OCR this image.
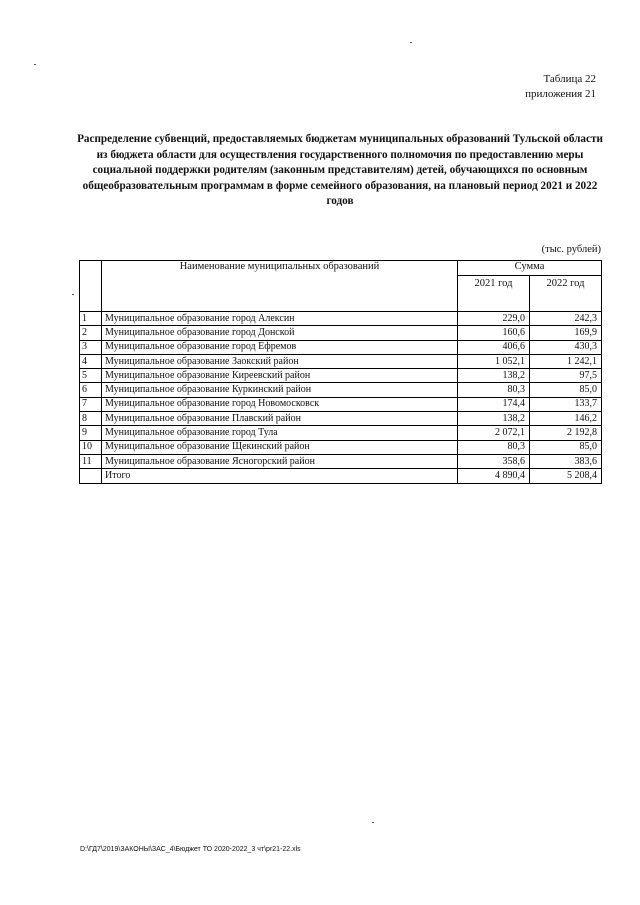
Таблица 22
приложения 21
Распределение субвенций, предоставляемых бюджетам муниципальных образований Тульской области из бюджета области для осуществления государственного полномочия по предоставлению меры социальной поддержки родителям (законным представителям) детей, обучающихся по основным общеобразовательным программам в форме семейного образования, на плановый период 2021 и 2022 годов
(тыс. рублей)
	Наименование муниципальных образований	Сумма	
		2021 год	2022 год
1	Муниципальное образование город Алексин	229,0	242,3
2	Муниципальное образование город Донской	160,6	169,9
3	Муниципальное образование город Ефремов	406,6	430,3
4	Муниципальное образование Заокский район	1 052,1	1 242,1
5	Муниципальное образование Киреевский район	138,2	97,5
6	Муниципальное образование Куркинский район	80,3	85,0
7	Муниципальное образование город Новомосковск	174,4	133,7
8	Муниципальное образование Плавский район	138,2	146,2
9	Муниципальное образование город Тула	2 072,1	2 192,8
10	Муниципальное образование Щекинский район	80,3	85,0
11	Муниципальное образование Ясногорский район	358,6	383,6
	Итого	4 890,4	5 208,4
D:\ГД7\2019\ЗАКОНЫ\ЗАС_4\Бюджет ТО 2020-2022_3 чт\pr21-22.xls
